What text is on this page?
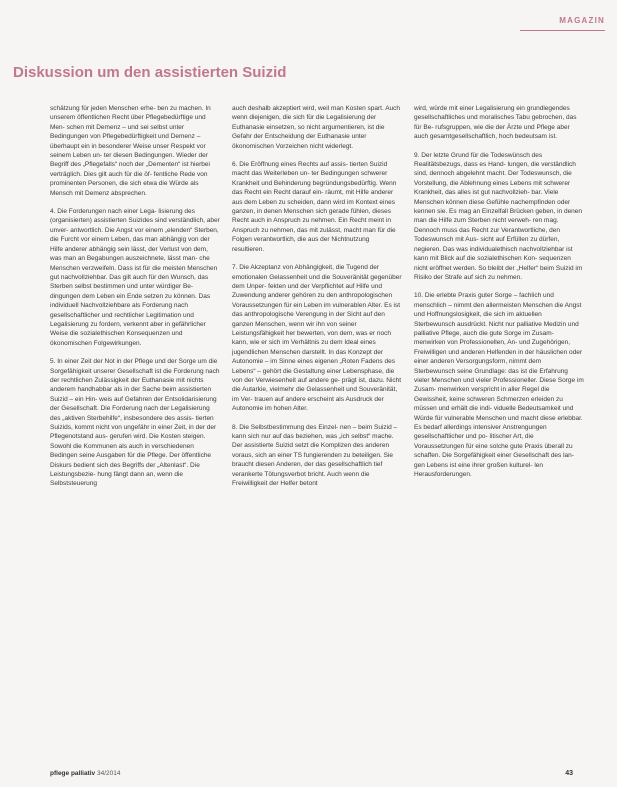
MAGAZIN
Diskussion um den assistierten Suizid

schätzung für jeden Menschen erhe- ben zu machen. In unserem öffentlichen Recht über Pflegebedürftige und Men- schen mit Demenz – und sei selbst unter Bedingungen von Pflegebedürftigkeit und Demenz – überhaupt ein in besonderer Weise unser Respekt vor seinem Leben un- ter diesen Bedingungen. Wieder der Begriff des „Pflegefalls“ noch der „Dementen“ ist hierbei verträglich. Dies gilt auch für die öf- fentliche Rede von prominenten Personen, die sich etwa die Würde als Mensch mit Demenz absprechen.

4. Die Forderungen nach einer Lega- lisierung des (organisierten) assistierten Suizides sind verständlich, aber unver- antwortlich. Die Angst vor einem „elenden“ Sterben, die Furcht vor einem Leben, das man abhängig von der Hilfe anderer abhängig sein lässt, der Verlust von dem, was man an Begabungen auszeichnete, lässt man- che Menschen verzweifeln. Dass ist für die meisten Menschen gut nachvollziehbar. Das gilt auch für den Wunsch, das Sterben selbst bestimmen und unter würdiger Be- dingungen dem Leben ein Ende setzen zu können. Das individuell Nachvollziehbare als Forderung nach gesellschaftlicher und rechtlicher Legitimation und Legalisierung zu fordern, verkennt aber in gefährlicher Weise die sozialethischen Konsequenzen und ökonomischen Folgewirkungen.

5. In einer Zeit der Not in der Pflege und der Sorge um die Sorgefähigkeit unserer Gesellschaft ist die Forderung nach der rechtlichen Zulässigkeit der Euthanasie mit nichts anderem handhabbar als in der Sache beim assistierten Suizid – ein Hin- weis auf Gefahren der Entsolidarisierung der Gesellschaft. Die Forderung nach der Legalisierung des „aktiven Sterbehilfe“, insbesondere des assis- tierten Suizids, kommt nicht von ungefähr in einer Zeit, in der der Pflegenotstand aus- gerufen wird. Die Kosten steigen. Sowohl die Kommunen als auch in verschiedenen Bedingen seine Ausgaben für die Pflege. Der öffentliche Diskurs bedient sich des Begriffs der „Altenlast“. Die Leistungsbezie- hung fängt dann an, wenn die Selbststeuerung

auch deshalb akzeptiert wird, weil man Kosten spart. Auch wenn diejenigen, die sich für die Legalisierung der Euthanasie einsetzen, so nicht argumentieren, ist die Gefahr der Entscheidung der Euthanasie unter ökonomischen Vorzeichen nicht widerlegt.

6. Die Eröffnung eines Rechts auf assis- tierten Suizid macht das Weiterleben un- ter Bedingungen schwerer Krankheit und Behinderung begründungsbedürftig. Wenn das Recht ein Recht darauf ein- räumt, mit Hilfe anderer aus dem Leben zu scheiden, dann wird im Kontext eines ganzen, in denen Menschen sich gerade fühlen, dieses Recht auch in Anspruch zu nehmen. Ein Recht meint in Anspruch zu nehmen, das mit zulässt, macht man für die Folgen verantwortlich, die aus der Nichtnutzung resultieren.

7. Die Akzeptanz von Abhängigkeit, die Tugend der emotionalen Gelassenheit und die Souveränität gegenüber dem Unper- fekten und der Verpflichtet auf Hilfe und Zuwendung anderer gehören zu den anthropologischen Voraussetzungen für ein Leben im vulnerablen Alter. Es ist das anthropologische Verengung in der Sicht auf den ganzen Menschen, wenn wir ihn von seiner Leistungsfähigkeit her bewerten, von dem, was er noch kann, wie er sich im Verhältnis zu dem Ideal eines jugendlichen Menschen darstellt. In das Konzept der Autonomie – im Sinne eines eigenen „Roten Fadens des Lebens“ – gehört die Gestaltung einer Lebensphase, die von der Verwiesenheit auf andere ge- prägt ist, dazu. Nicht die Autarkie, vielmehr die Gelassenheit und Souveränität, im Ver- trauen auf andere erscheint als Ausdruck der Autonomie im hohen Alter.

8. Die Selbstbestimmung des Einzel- nen – beim Suizid – kann sich nur auf das beziehen, was „ich selbst“ mache. Der assistierte Suizid setzt die Komplizen des anderen voraus, sich an einer TS fungierenden zu beteiligen. Sie braucht diesen Anderen, der das gesellschaftlich tief verankerte Tötungsverbot bricht. Auch wenn die Freiwilligkeit der Helfer betont

wird, würde mit einer Legalisierung ein grundlegendes gesellschaftliches und moralisches Tabu gebrochen, das für Be- rufsgruppen, wie die der Ärzte und Pflege aber auch gesamtgesellschaftlich, hoch bedeutsam ist.

9. Der letzte Grund für die Todeswünsch des Realitätsbezugs, dass es Hand- lungen, die verständlich sind, dennoch abgelehnt macht. Der Todeswunsch, die Vorstellung, die Ablehnung eines Lebens mit schwerer Krankheit, das alles ist gut nachvollzieh- bar. Viele Menschen können diese Gefühle nachempfinden oder kennen sie. Es mag an Einzelfall Brücken geben, in denen man die Hilfe zum Sterben nicht verweh- ren mag. Dennoch muss das Recht zur Verantwortliche, den Todeswunsch mit Aus- sicht auf Erfüllen zu dürfen, negieren. Das was individualethisch nachvollziehbar ist kann mit Blick auf die sozialethischen Kon- sequenzen nicht eröffnet werden. So bleibt der „Helfer“ beim Suizid im Risiko der Strafe auf sich zu nehmen.

10. Die erlebte Praxis guter Sorge – fachlich und menschlich – nimmt den allermeisten Menschen die Angst und Hoffnungslosigkeit, die sich im aktuellen Sterbewunsch ausdrückt. Nicht nur palliative Medizin und palliative Pflege, auch die gute Sorge im Zusam- menwirken von Professionellen, An- und Zugehörigen, Freiwilligen und anderen Helfenden in der häuslichen oder einer anderen Versorgungsform, nimmt dem Sterbewunsch seine Grundlage: das ist die Erfahrung vieler Menschen und vieler Professioneller. Diese Sorge im Zusam- menwirken verspricht in aller Regel die Gewissheit, keine schweren Schmerzen erleiden zu müssen und erhält die indi- viduelle Bedeutsamkeit und Würde für vulnerable Menschen und macht diese erlebbar. Es bedarf allerdings intensiver Anstrengungen gesellschaftlicher und po- litischer Art, die Voraussetzungen für eine solche gute Praxis überall zu schaffen. Die Sorgefähigkeit einer Gesellschaft des lan- gen Lebens ist eine ihrer großen kulturel- len Herausforderungen.

pflege palliativ 34/2014	43
